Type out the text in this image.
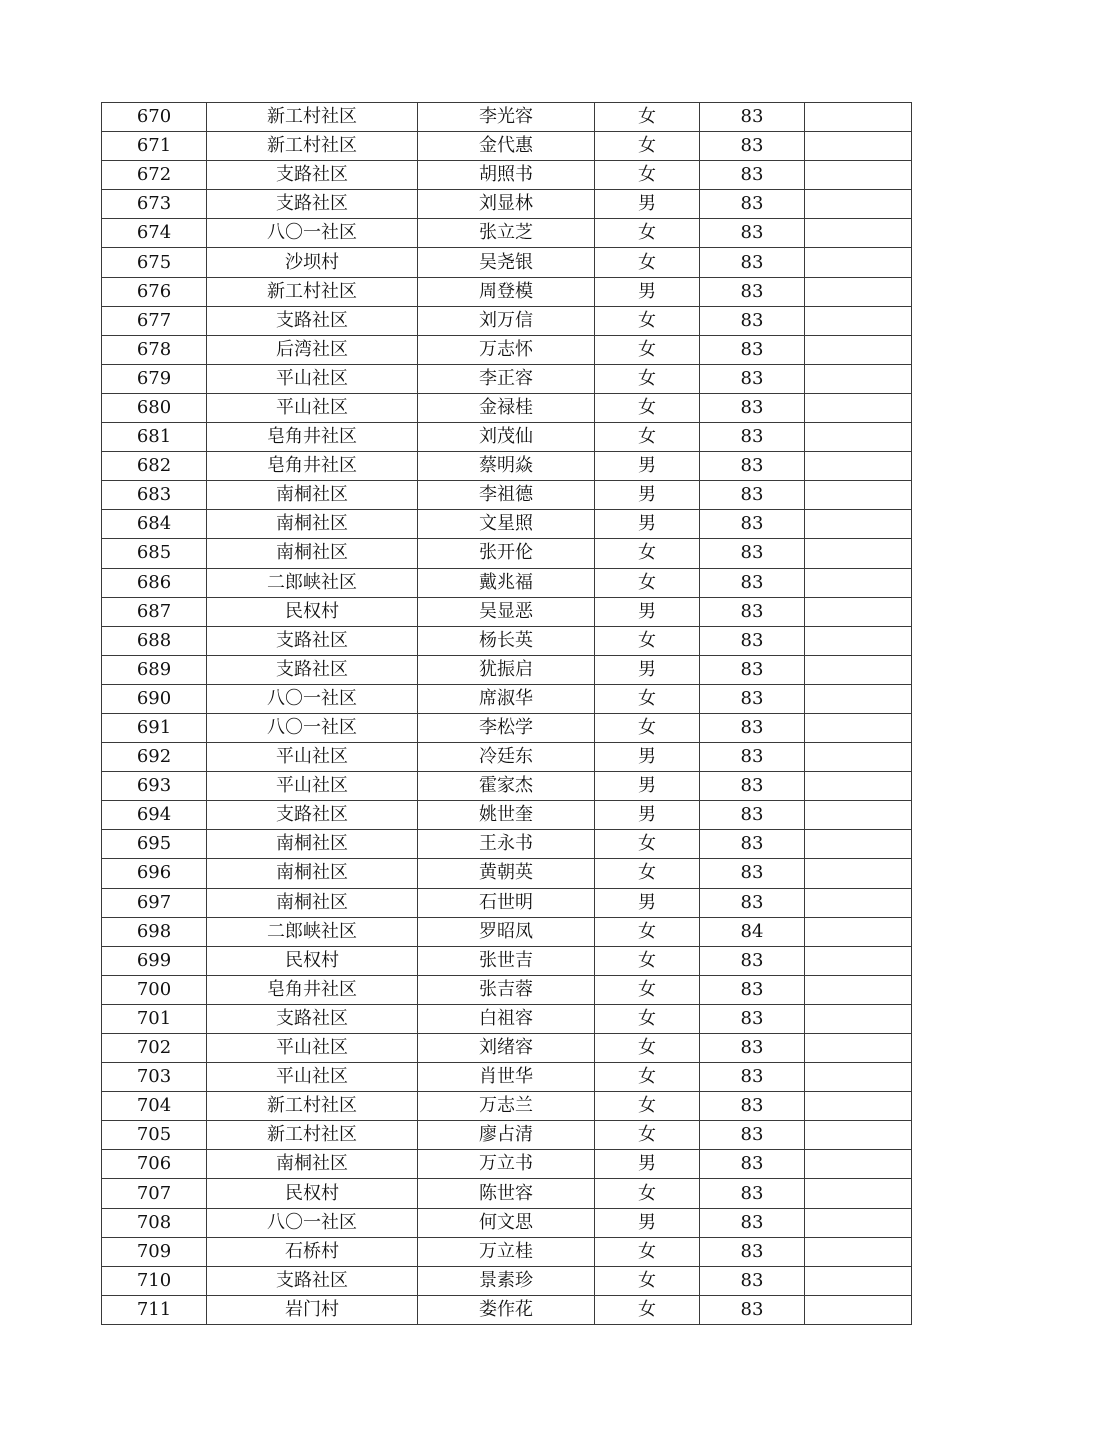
670	新工村社区	李光容	女	83	
671	新工村社区	金代惠	女	83	
672	支路社区	胡照书	女	83	
673	支路社区	刘显林	男	83	
674	八〇一社区	张立芝	女	83	
675	沙坝村	吴尧银	女	83	
676	新工村社区	周登模	男	83	
677	支路社区	刘万信	女	83	
678	后湾社区	万志怀	女	83	
679	平山社区	李正容	女	83	
680	平山社区	金禄桂	女	83	
681	皂角井社区	刘茂仙	女	83	
682	皂角井社区	蔡明焱	男	83	
683	南桐社区	李祖德	男	83	
684	南桐社区	文星照	男	83	
685	南桐社区	张开伦	女	83	
686	二郎峡社区	戴兆福	女	83	
687	民权村	吴显恶	男	83	
688	支路社区	杨长英	女	83	
689	支路社区	犹振启	男	83	
690	八〇一社区	席淑华	女	83	
691	八〇一社区	李松学	女	83	
692	平山社区	冷廷东	男	83	
693	平山社区	霍家杰	男	83	
694	支路社区	姚世奎	男	83	
695	南桐社区	王永书	女	83	
696	南桐社区	黄朝英	女	83	
697	南桐社区	石世明	男	83	
698	二郎峡社区	罗昭凤	女	84	
699	民权村	张世吉	女	83	
700	皂角井社区	张吉蓉	女	83	
701	支路社区	白祖容	女	83	
702	平山社区	刘绪容	女	83	
703	平山社区	肖世华	女	83	
704	新工村社区	万志兰	女	83	
705	新工村社区	廖占清	女	83	
706	南桐社区	万立书	男	83	
707	民权村	陈世容	女	83	
708	八〇一社区	何文思	男	83	
709	石桥村	万立桂	女	83	
710	支路社区	景素珍	女	83	
711	岩门村	娄作花	女	83	
